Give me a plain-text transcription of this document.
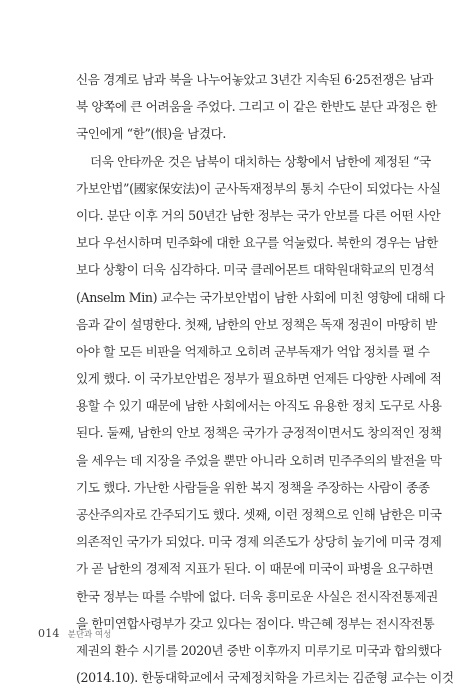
신음 경계로 남과 북을 나누어놓았고 3년간 지속된 6·25전쟁은 남과
북 양쪽에 큰 어려움을 주었다. 그리고 이 같은 한반도 분단 과정은 한
국인에게 “한”(恨)을 남겼다.
더욱 안타까운 것은 남북이 대치하는 상황에서 남한에 제정된 “국
가보안법”(國家保安法)이 군사독재정부의 통치 수단이 되었다는 사실
이다. 분단 이후 거의 50년간 남한 정부는 국가 안보를 다른 어떤 사안
보다 우선시하며 민주화에 대한 요구를 억눌렀다. 북한의 경우는 남한
보다 상황이 더욱 심각하다. 미국 클레어몬트 대학원대학교의 민경석
(Anselm Min) 교수는 국가보안법이 남한 사회에 미친 영향에 대해 다
음과 같이 설명한다. 첫째, 남한의 안보 정책은 독재 정권이 마땅히 받
아야 할 모든 비판을 억제하고 오히려 군부독재가 억압 정치를 펼 수
있게 했다. 이 국가보안법은 정부가 필요하면 언제든 다양한 사례에 적
용할 수 있기 때문에 남한 사회에서는 아직도 유용한 정치 도구로 사용
된다. 둘째, 남한의 안보 정책은 국가가 긍정적이면서도 창의적인 정책
을 세우는 데 지장을 주었을 뿐만 아니라 오히려 민주주의의 발전을 막
기도 했다. 가난한 사람들을 위한 복지 정책을 주장하는 사람이 종종
공산주의자로 간주되기도 했다. 셋째, 이런 정책으로 인해 남한은 미국
의존적인 국가가 되었다. 미국 경제 의존도가 상당히 높기에 미국 경제
가 곧 남한의 경제적 지표가 된다. 이 때문에 미국이 파병을 요구하면
한국 정부는 따를 수밖에 없다. 더욱 흥미로운 사실은 전시작전통제권
을 한미연합사령부가 갖고 있다는 점이다. 박근혜 정부는 전시작전통
제권의 환수 시기를 2020년 중반 이후까지 미루기로 미국과 합의했다
(2014.10). 한동대학교에서 국제정치학을 가르치는 김준형 교수는 이것
014 분단과 여성
